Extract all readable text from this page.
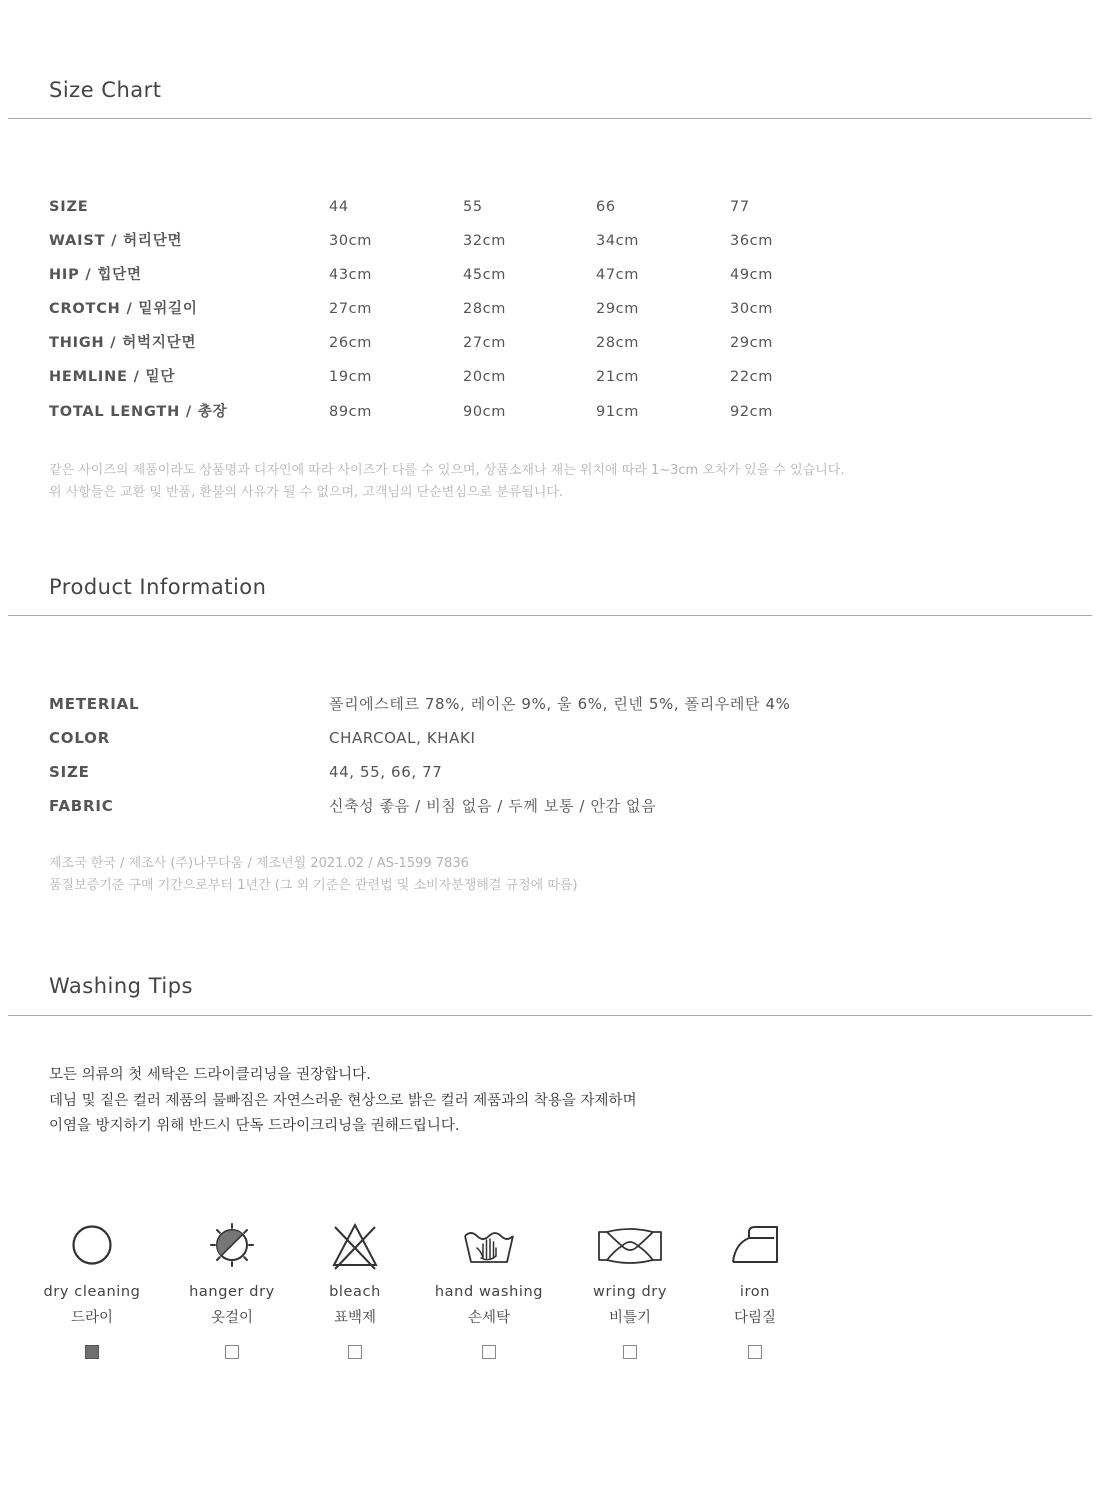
Size Chart
SIZE	44	55	66	77
WAIST / 허리단면	30cm	32cm	34cm	36cm
HIP / 힙단면	43cm	45cm	47cm	49cm
CROTCH / 밑위길이	27cm	28cm	29cm	30cm
THIGH / 허벅지단면	26cm	27cm	28cm	29cm
HEMLINE / 밑단	19cm	20cm	21cm	22cm
TOTAL LENGTH / 총장	89cm	90cm	91cm	92cm

같은 사이즈의 제품이라도 상품명과 디자인에 따라 사이즈가 다를 수 있으며, 상품소재나 재는 위치에 따라 1~3cm 오차가 있을 수 있습니다.

위 사항들은 교환 및 반품, 환불의 사유가 될 수 없으며, 고객님의 단순변심으로 분류됩니다.

Product Information
METERIAL	폴리에스테르 78%, 레이온 9%, 울 6%, 린넨 5%, 폴리우레탄 4%
COLOR	CHARCOAL, KHAKI
SIZE	44, 55, 66, 77
FABRIC	신축성 좋음 / 비침 없음 / 두께 보통 / 안감 없음

제조국 한국 / 제조사 (주)나무다움 / 제조년월 2021.02 / AS-1599 7836

품질보증기준 구매 기간으로부터 1년간 (그 외 기준은 관련법 및 소비자분쟁해결 규정에 따름)

Washing Tips

모든 의류의 첫 세탁은 드라이클리닝을 권장합니다.

데님 및 짙은 컬러 제품의 물빠짐은 자연스러운 현상으로 밝은 컬러 제품과의 착용을 자제하며

이염을 방지하기 위해 반드시 단독 드라이크리닝을 권해드립니다.

dry cleaning
드라이
hanger dry
옷걸이
bleach
표백제
hand washing
손세탁
wring dry
비틀기
iron
다림질
